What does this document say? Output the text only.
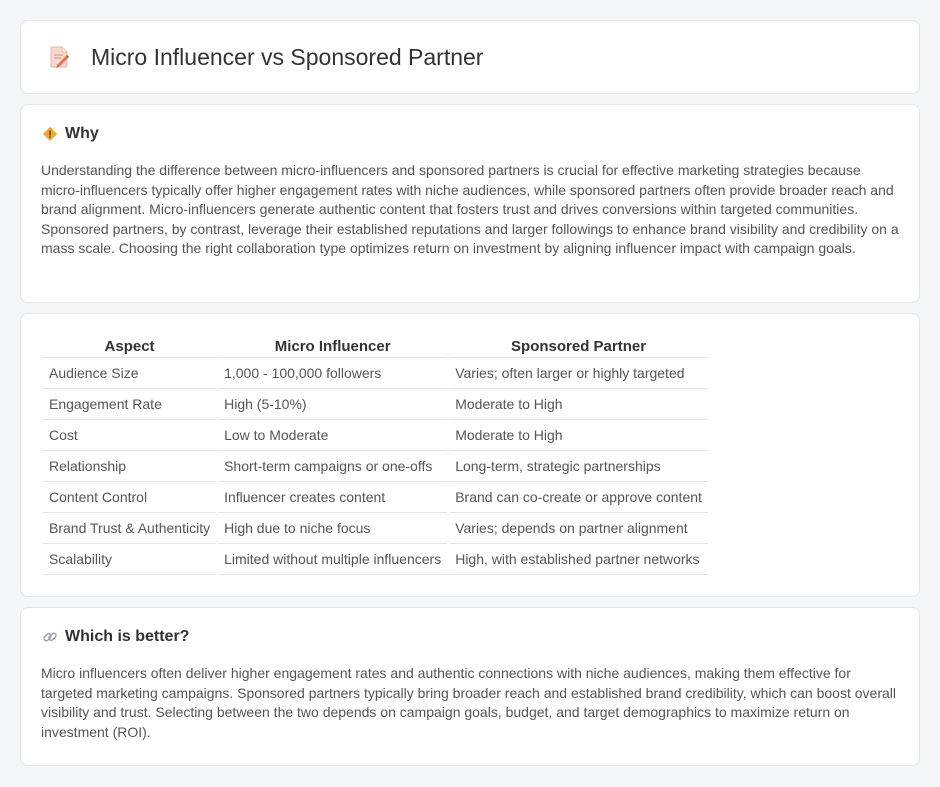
Micro Influencer vs Sponsored Partner
Why

Understanding the difference between micro-influencers and sponsored partners is crucial for effective marketing strategies because micro-influencers typically offer higher engagement rates with niche audiences, while sponsored partners often provide broader reach and brand alignment. Micro-influencers generate authentic content that fosters trust and drives conversions within targeted communities. Sponsored partners, by contrast, leverage their established reputations and larger followings to enhance brand visibility and credibility on a mass scale. Choosing the right collaboration type optimizes return on investment by aligning influencer impact with campaign goals.

Aspect	Micro Influencer	Sponsored Partner
Audience Size	1,000 - 100,000 followers	Varies; often larger or highly targeted
Engagement Rate	High (5-10%)	Moderate to High
Cost	Low to Moderate	Moderate to High
Relationship	Short-term campaigns or one-offs	Long-term, strategic partnerships
Content Control	Influencer creates content	Brand can co-create or approve content
Brand Trust & Authenticity	High due to niche focus	Varies; depends on partner alignment
Scalability	Limited without multiple influencers	High, with established partner networks
Which is better?

Micro influencers often deliver higher engagement rates and authentic connections with niche audiences, making them effective for targeted marketing campaigns. Sponsored partners typically bring broader reach and established brand credibility, which can boost overall visibility and trust. Selecting between the two depends on campaign goals, budget, and target demographics to maximize return on investment (ROI).
